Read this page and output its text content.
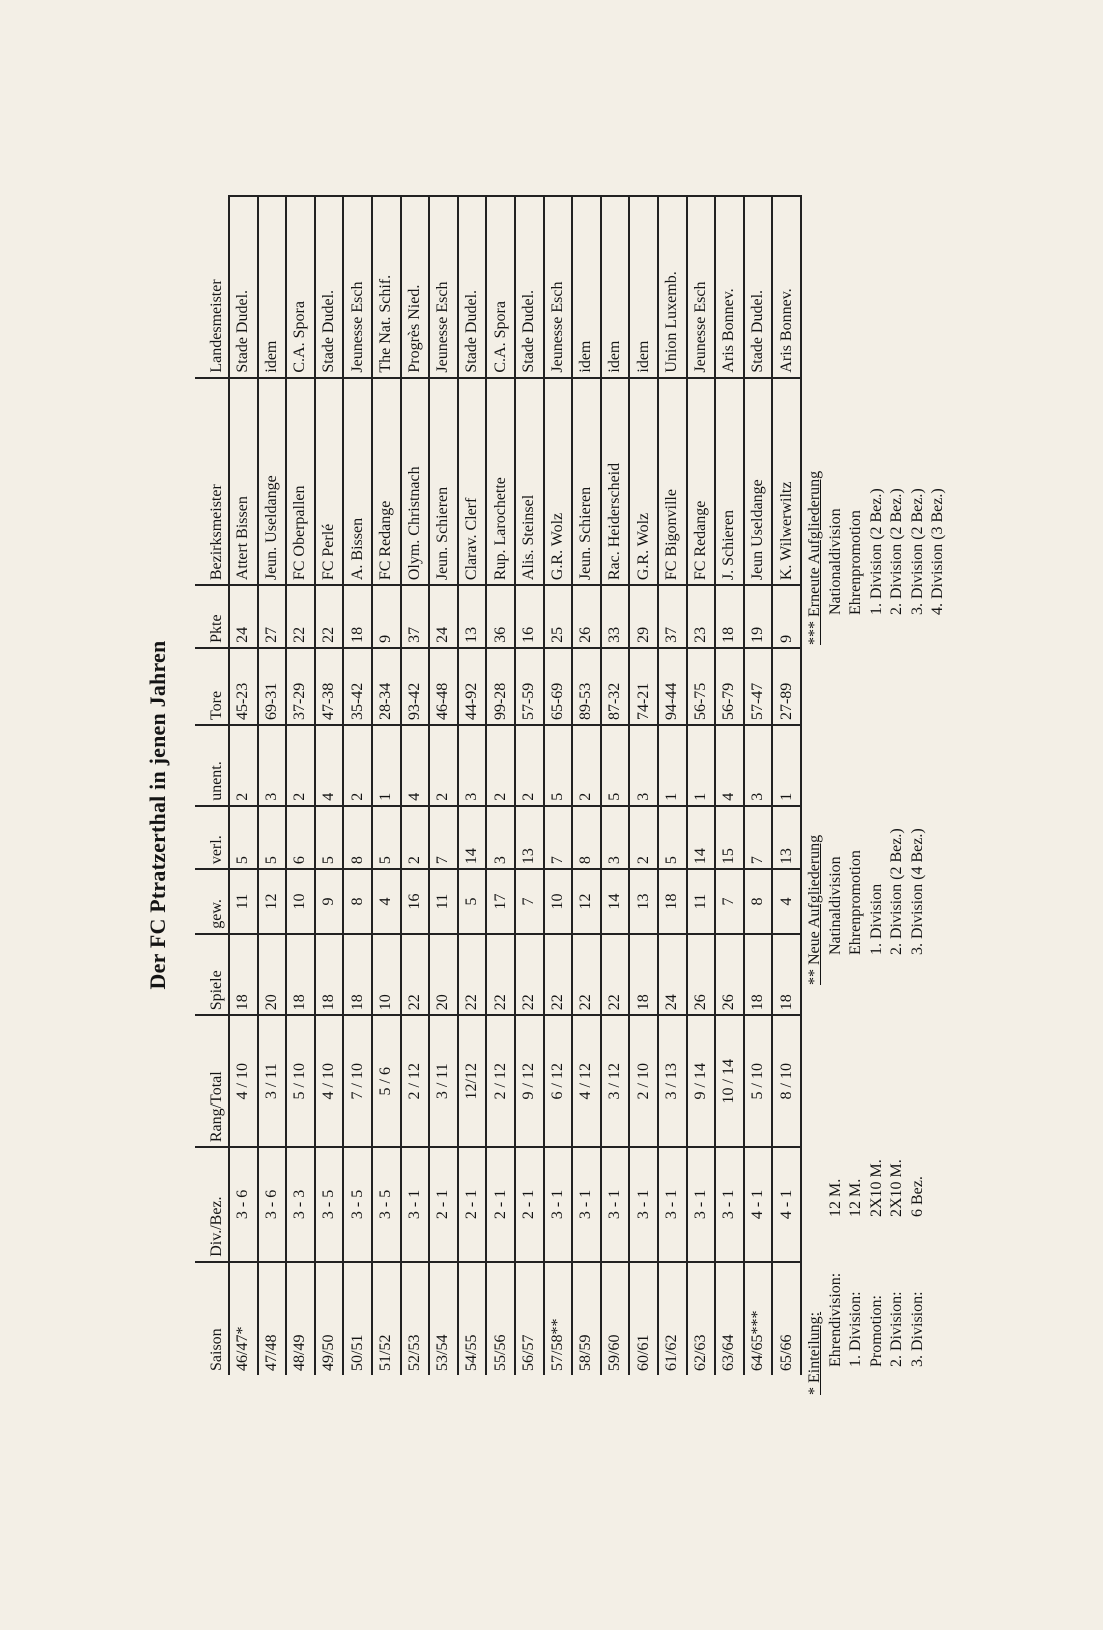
Der FC Ptratzerthal in jenen Jahren
Saison	Div./Bez.	Rang/Total	Spiele	gew.	verl.	unent.	Tore	Pkte	Bezirksmeister	Landesmeister
46/47*	3 - 6	4 / 10	18	11	5	2	45-23	24	Attert Bissen	Stade Dudel.
47/48	3 - 6	3 / 11	20	12	5	3	69-31	27	Jeun. Useldange	idem
48/49	3 - 3	5 / 10	18	10	6	2	37-29	22	FC Oberpallen	C.A. Spora
49/50	3 - 5	4 / 10	18	9	5	4	47-38	22	FC Perlé	Stade Dudel.
50/51	3 - 5	7 / 10	18	8	8	2	35-42	18	A. Bissen	Jeunesse Esch
51/52	3 - 5	5 / 6	10	4	5	1	28-34	9	FC Redange	The Nat. Schif.
52/53	3 - 1	2 / 12	22	16	2	4	93-42	37	Olym. Christnach	Progrès Nied.
53/54	2 - 1	3 / 11	20	11	7	2	46-48	24	Jeun. Schieren	Jeunesse Esch
54/55	2 - 1	12/12	22	5	14	3	44-92	13	Clarav. Clerf	Stade Dudel.
55/56	2 - 1	2 / 12	22	17	3	2	99-28	36	Rup. Larochette	C.A. Spora
56/57	2 - 1	9 / 12	22	7	13	2	57-59	16	Alis. Steinsel	Stade Dudel.
57/58**	3 - 1	6 / 12	22	10	7	5	65-69	25	G.R. Wolz	Jeunesse Esch
58/59	3 - 1	4 / 12	22	12	8	2	89-53	26	Jeun. Schieren	idem
59/60	3 - 1	3 / 12	22	14	3	5	87-32	33	Rac. Heiderscheid	idem
60/61	3 - 1	2 / 10	18	13	2	3	74-21	29	G.R. Wolz	idem
61/62	3 - 1	3 / 13	24	18	5	1	94-44	37	FC Bigonville	Union Luxemb.
62/63	3 - 1	9 / 14	26	11	14	1	56-75	23	FC Redange	Jeunesse Esch
63/64	3 - 1	10 / 14	26	7	15	4	56-79	18	J. Schieren	Aris Bonnev.
64/65***	4 - 1	5 / 10	18	8	7	3	57-47	19	Jeun Useldange	Stade Dudel.
65/66	4 - 1	8 / 10	18	4	13	1	27-89	9	K. Wilwerwiltz	Aris Bonnev.
* Einteilung: Ehrendivision:
12 M.
1. Division:
12 M.
Promotion:
2X10 M.
2. Division:
2X10 M.
3. Division:
6 Bez.
** Neue Aufgliederung Natinaldivision Ehrenpromotion 1. Division 2. Division (2 Bez.) 3. Division (4 Bez.)
*** Erneute Aufgliederung Nationaldivision Ehrenpromotion 1. Division (2 Bez.) 2. Division (2 Bez.) 3. Division (2 Bez.) 4. Division (3 Bez.)
